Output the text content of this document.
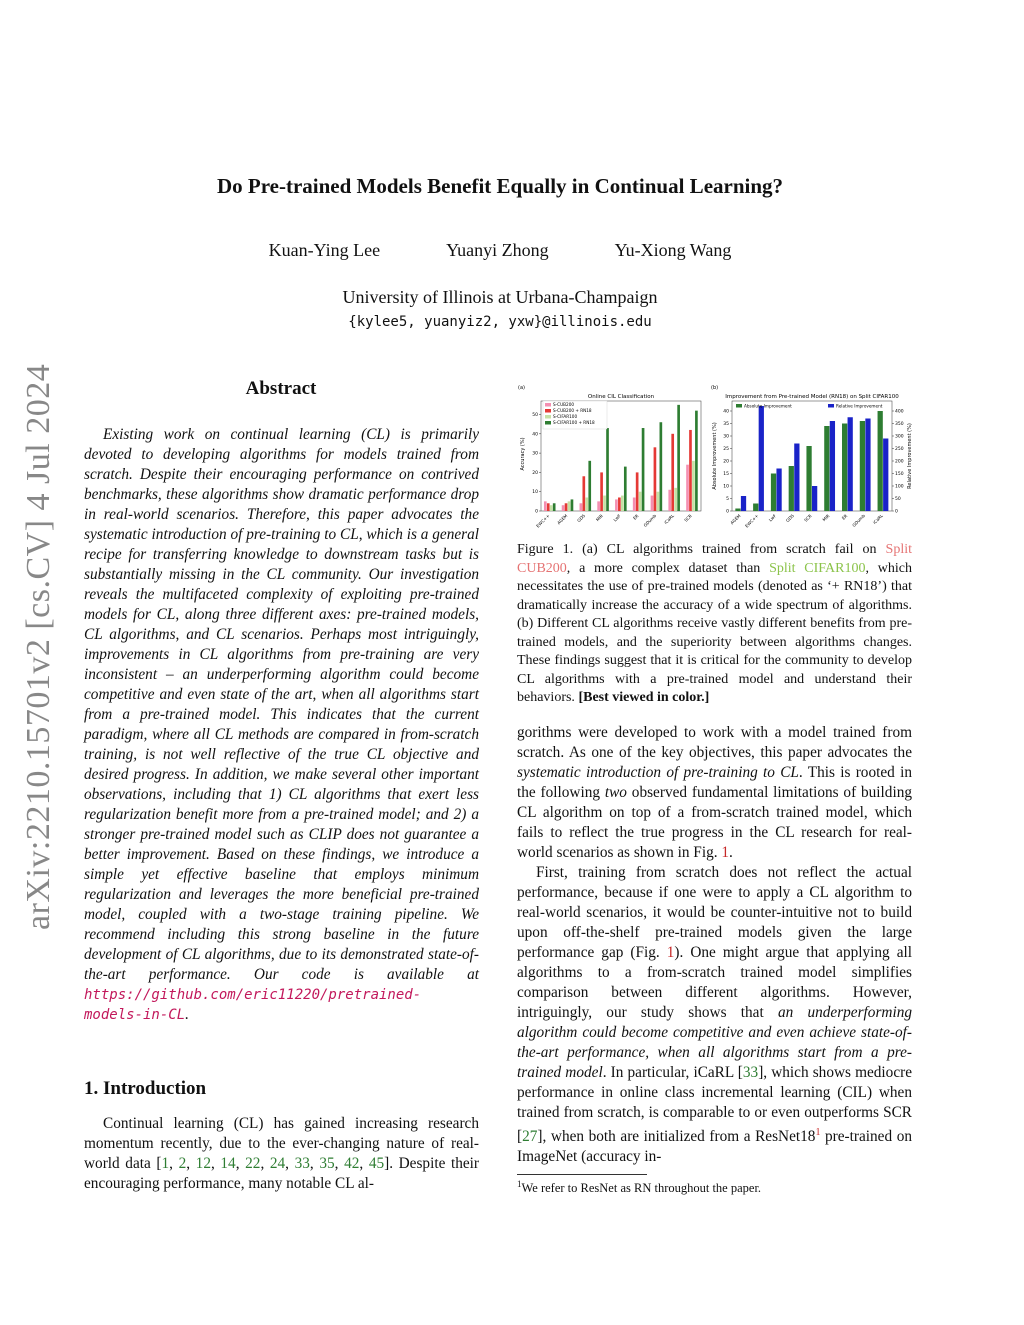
Do Pre-trained Models Benefit Equally in Continual Learning?
Kuan-Ying Lee	Yuanyi Zhong	Yu-Xiong Wang
University of Illinois at Urbana-Champaign
{kylee5, yuanyiz2, yxw}@illinois.edu
arXiv:2210.15701v2 [cs.CV] 4 Jul 2024	Abstract

Existing work on continual learning (CL) is primarily devoted to developing algorithms for models trained from scratch. Despite their encouraging performance on contrived benchmarks, these algorithms show dramatic performance drop in real-world scenarios. Therefore, this paper advocates the systematic introduction of pre-training to CL, which is a general recipe for transferring knowledge to downstream tasks but is substantially missing in the CL community. Our investigation reveals the multifaceted complexity of exploiting pre-trained models for CL, along three different axes: pre-trained models, CL algorithms, and CL scenarios. Perhaps most intriguingly, improvements in CL algorithms from pre-training are very inconsistent – an underperforming algorithm could become competitive and even state of the art, when all algorithms start from a pre-trained model. This indicates that the current paradigm, where all CL methods are compared in from-scratch training, is not well reflective of the true CL objective and desired progress. In addition, we make several other important observations, including that 1) CL algorithms that exert less regularization benefit more from a pre-trained model; and 2) a stronger pre-trained model such as CLIP does not guarantee a better improvement. Based on these findings, we introduce a simple yet effective baseline that employs minimum regularization and leverages the more beneficial pre-trained model, coupled with a two-stage training pipeline. We recommend including this strong baseline in the future development of CL algorithms, due to its demonstrated state-of-the-art performance. Our code is available at https://github.com/eric11220/pretrained-models-in-CL.

1. Introduction

Continual learning (CL) has gained increasing research momentum recently, due to the ever-changing nature of real-world data [1, 2, 12, 14, 22, 24, 33, 35, 42, 45]. Despite their encouraging performance, many notable CL al-

(a)
Online CIL Classification
0
10
20
30
40
50
Accuracy (%)
EWC++ AGEM GDS MIR LwF ER GDumb iCaRL SCR
S-CUB200
S-CUB200 + RN18
S-CIFAR100
S-CIFAR100 + RN18
(b)
Improvement from Pre-trained Model (RN18) on Split CIFAR100
0
5
10
15
20
25
30
35
40
0
50
100
150
200
250
300
350
400
Absolute Improvement (%)	Relative Improvement (%)
AGEM EWC++ LwF GDS SCR MIR ER GDumb iCaRL
Absolute Improvement	Relative Improvement

Figure 1. (a) CL algorithms trained from scratch fail on Split CUB200, a more complex dataset than Split CIFAR100, which necessitates the use of pre-trained models (denoted as ‘+ RN18’) that dramatically increase the accuracy of a wide spectrum of algorithms. (b) Different CL algorithms receive vastly different benefits from pre-trained models, and the superiority between algorithms changes. These findings suggest that it is critical for the community to develop CL algorithms with a pre-trained model and understand their behaviors. [Best viewed in color.]

gorithms were developed to work with a model trained from scratch. As one of the key objectives, this paper advocates the systematic introduction of pre-training to CL. This is rooted in the following two observed fundamental limitations of building CL algorithm on top of a from-scratch trained model, which fails to reflect the true progress in the CL research for real-world scenarios as shown in Fig. 1.

First, training from scratch does not reflect the actual performance, because if one were to apply a CL algorithm to real-world scenarios, it would be counter-intuitive not to build upon off-the-shelf pre-trained models given the large performance gap (Fig. 1). One might argue that applying all algorithms to a from-scratch trained model simplifies comparison between different algorithms. However, intriguingly, our study shows that an underperforming algorithm could become competitive and even achieve state-of-the-art performance, when all algorithms start from a pre-trained model. In particular, iCaRL [33], which shows mediocre performance in online class incremental learning (CIL) when trained from scratch, is comparable to or even outperforms SCR [27], when both are initialized from a ResNet18$^1$ pre-trained on ImageNet (accuracy in-

$^1$We refer to ResNet as RN throughout the paper.
